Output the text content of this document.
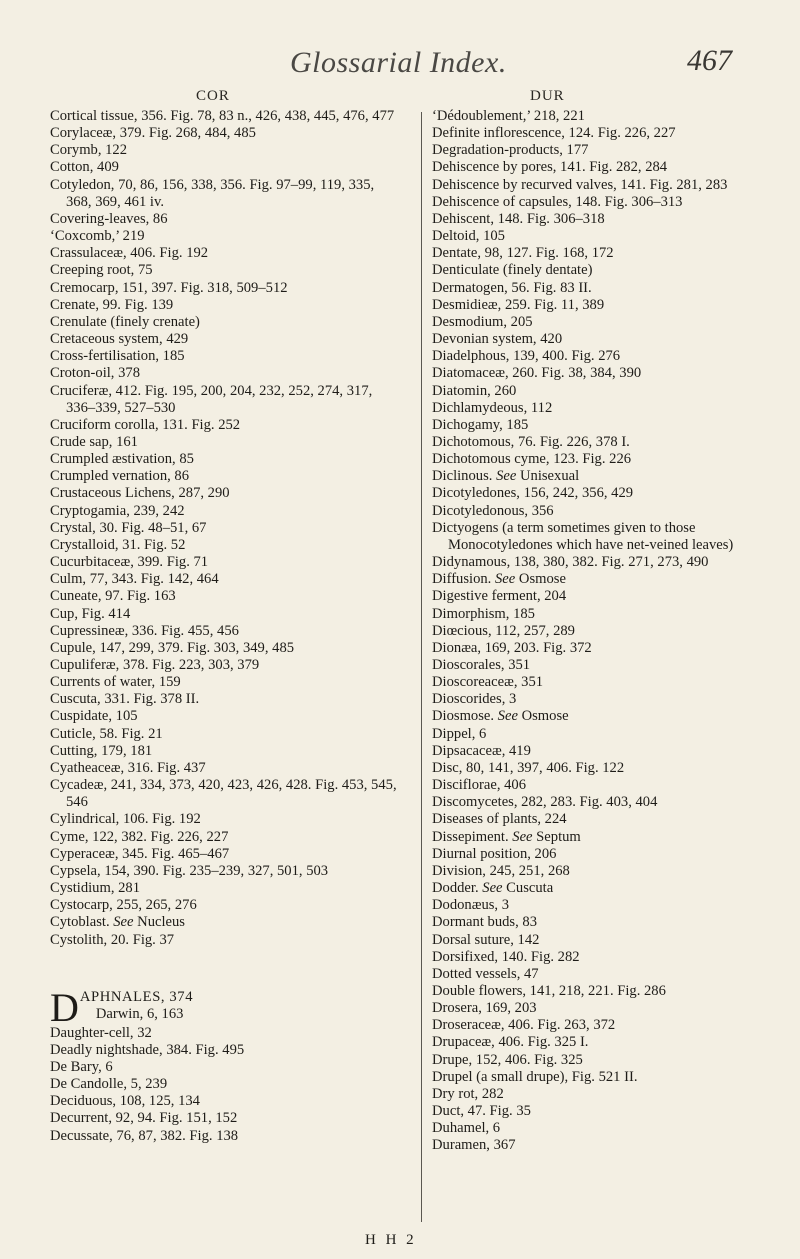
Glossarial Index.	467
COR	DUR
Cortical tissue, 356. Fig. 78, 83 n., 426, 438, 445, 476, 477
Corylaceæ, 379. Fig. 268, 484, 485
Corymb, 122
Cotton, 409
Cotyledon, 70, 86, 156, 338, 356. Fig. 97–99, 119, 335, 368, 369, 461 iv.
Covering-leaves, 86
‘Coxcomb,’ 219
Crassulaceæ, 406. Fig. 192
Creeping root, 75
Cremocarp, 151, 397. Fig. 318, 509–512
Crenate, 99. Fig. 139
Crenulate (finely crenate)
Cretaceous system, 429
Cross-fertilisation, 185
Croton-oil, 378
Cruciferæ, 412. Fig. 195, 200, 204, 232, 252, 274, 317, 336–339, 527–530
Cruciform corolla, 131. Fig. 252
Crude sap, 161
Crumpled æstivation, 85
Crumpled vernation, 86
Crustaceous Lichens, 287, 290
Cryptogamia, 239, 242
Crystal, 30. Fig. 48–51, 67
Crystalloid, 31. Fig. 52
Cucurbitaceæ, 399. Fig. 71
Culm, 77, 343. Fig. 142, 464
Cuneate, 97. Fig. 163
Cup, Fig. 414
Cupressineæ, 336. Fig. 455, 456
Cupule, 147, 299, 379. Fig. 303, 349, 485
Cupuliferæ, 378. Fig. 223, 303, 379
Currents of water, 159
Cuscuta, 331. Fig. 378 II.
Cuspidate, 105
Cuticle, 58. Fig. 21
Cutting, 179, 181
Cyatheaceæ, 316. Fig. 437
Cycadeæ, 241, 334, 373, 420, 423, 426, 428. Fig. 453, 545, 546
Cylindrical, 106. Fig. 192
Cyme, 122, 382. Fig. 226, 227
Cyperaceæ, 345. Fig. 465–467
Cypsela, 154, 390. Fig. 235–239, 327, 501, 503
Cystidium, 281
Cystocarp, 255, 265, 276
Cytoblast. See Nucleus
Cystolith, 20. Fig. 37
D APHNALES, 374
Darwin, 6, 163
Daughter-cell, 32
Deadly nightshade, 384. Fig. 495
De Bary, 6
De Candolle, 5, 239
Deciduous, 108, 125, 134
Decurrent, 92, 94. Fig. 151, 152
Decussate, 76, 87, 382. Fig. 138
‘Dédoublement,’ 218, 221
Definite inflorescence, 124. Fig. 226, 227
Degradation-products, 177
Dehiscence by pores, 141. Fig. 282, 284
Dehiscence by recurved valves, 141. Fig. 281, 283
Dehiscence of capsules, 148. Fig. 306–313
Dehiscent, 148. Fig. 306–318
Deltoid, 105
Dentate, 98, 127. Fig. 168, 172
Denticulate (finely dentate)
Dermatogen, 56. Fig. 83 II.
Desmidieæ, 259. Fig. 11, 389
Desmodium, 205
Devonian system, 420
Diadelphous, 139, 400. Fig. 276
Diatomaceæ, 260. Fig. 38, 384, 390
Diatomin, 260
Dichlamydeous, 112
Dichogamy, 185
Dichotomous, 76. Fig. 226, 378 I.
Dichotomous cyme, 123. Fig. 226
Diclinous. See Unisexual
Dicotyledones, 156, 242, 356, 429
Dicotyledonous, 356
Dictyogens (a term sometimes given to those Monocotyledones which have net-veined leaves)
Didynamous, 138, 380, 382. Fig. 271, 273, 490
Diffusion. See Osmose
Digestive ferment, 204
Dimorphism, 185
Diœcious, 112, 257, 289
Dionæa, 169, 203. Fig. 372
Dioscorales, 351
Dioscoreaceæ, 351
Dioscorides, 3
Diosmose. See Osmose
Dippel, 6
Dipsacaceæ, 419
Disc, 80, 141, 397, 406. Fig. 122
Disciflorae, 406
Discomycetes, 282, 283. Fig. 403, 404
Diseases of plants, 224
Dissepiment. See Septum
Diurnal position, 206
Division, 245, 251, 268
Dodder. See Cuscuta
Dodonæus, 3
Dormant buds, 83
Dorsal suture, 142
Dorsifixed, 140. Fig. 282
Dotted vessels, 47
Double flowers, 141, 218, 221. Fig. 286
Drosera, 169, 203
Droseraceæ, 406. Fig. 263, 372
Drupaceæ, 406. Fig. 325 I.
Drupe, 152, 406. Fig. 325
Drupel (a small drupe), Fig. 521 II.
Dry rot, 282
Duct, 47. Fig. 35
Duhamel, 6
Duramen, 367
H H 2
